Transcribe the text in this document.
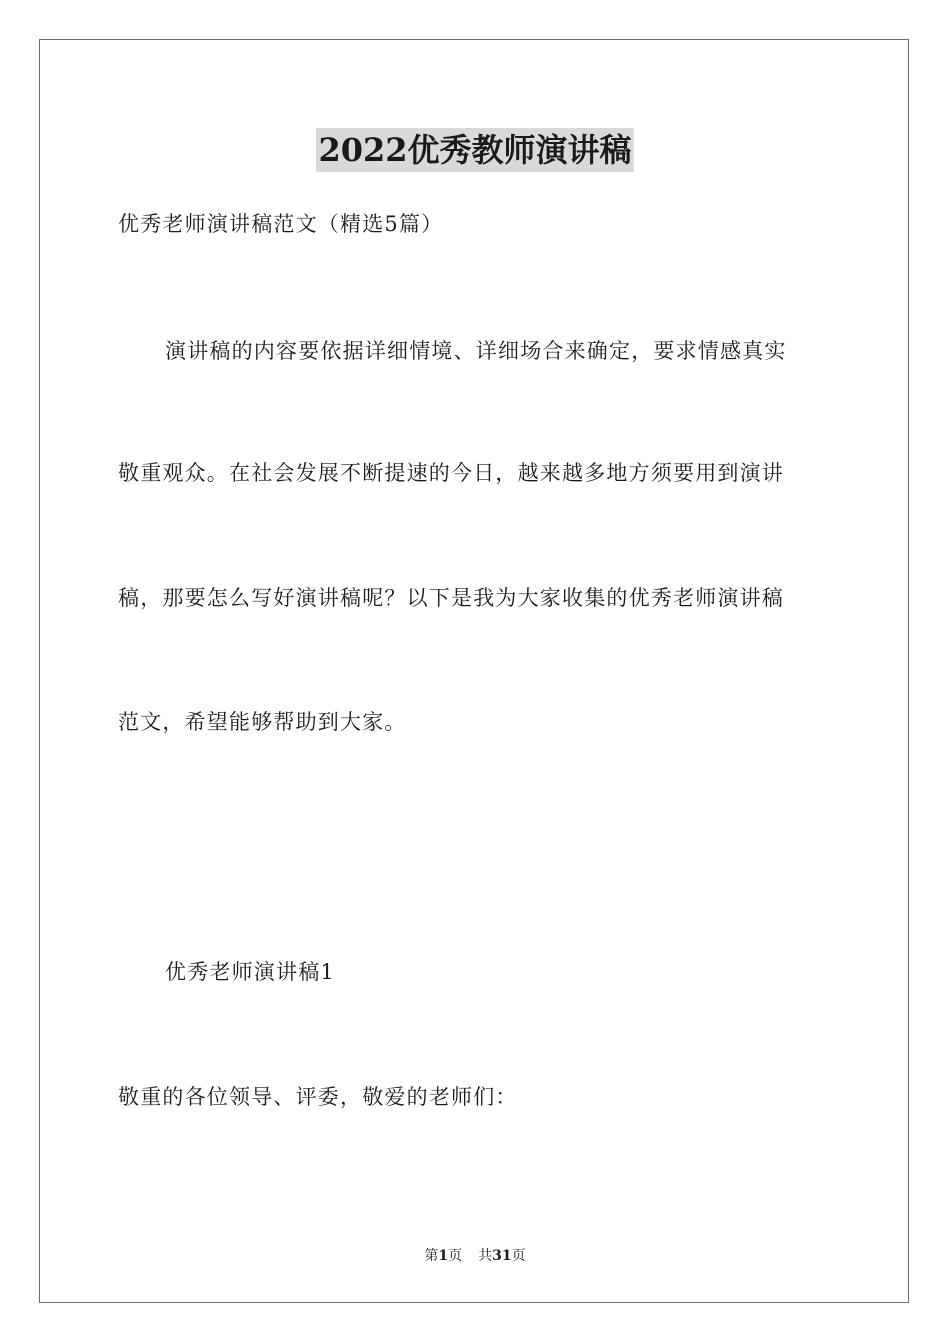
2022优秀教师演讲稿
优秀老师演讲稿范文（精选5篇）
演讲稿的内容要依据详细情境、详细场合来确定，要求情感真实
敬重观众。在社会发展不断提速的今日，越来越多地方须要用到演讲
稿，那要怎么写好演讲稿呢？以下是我为大家收集的优秀老师演讲稿
范文，希望能够帮助到大家。
优秀老师演讲稿1
敬重的各位领导、评委，敬爱的老师们：
第1页 共31页
